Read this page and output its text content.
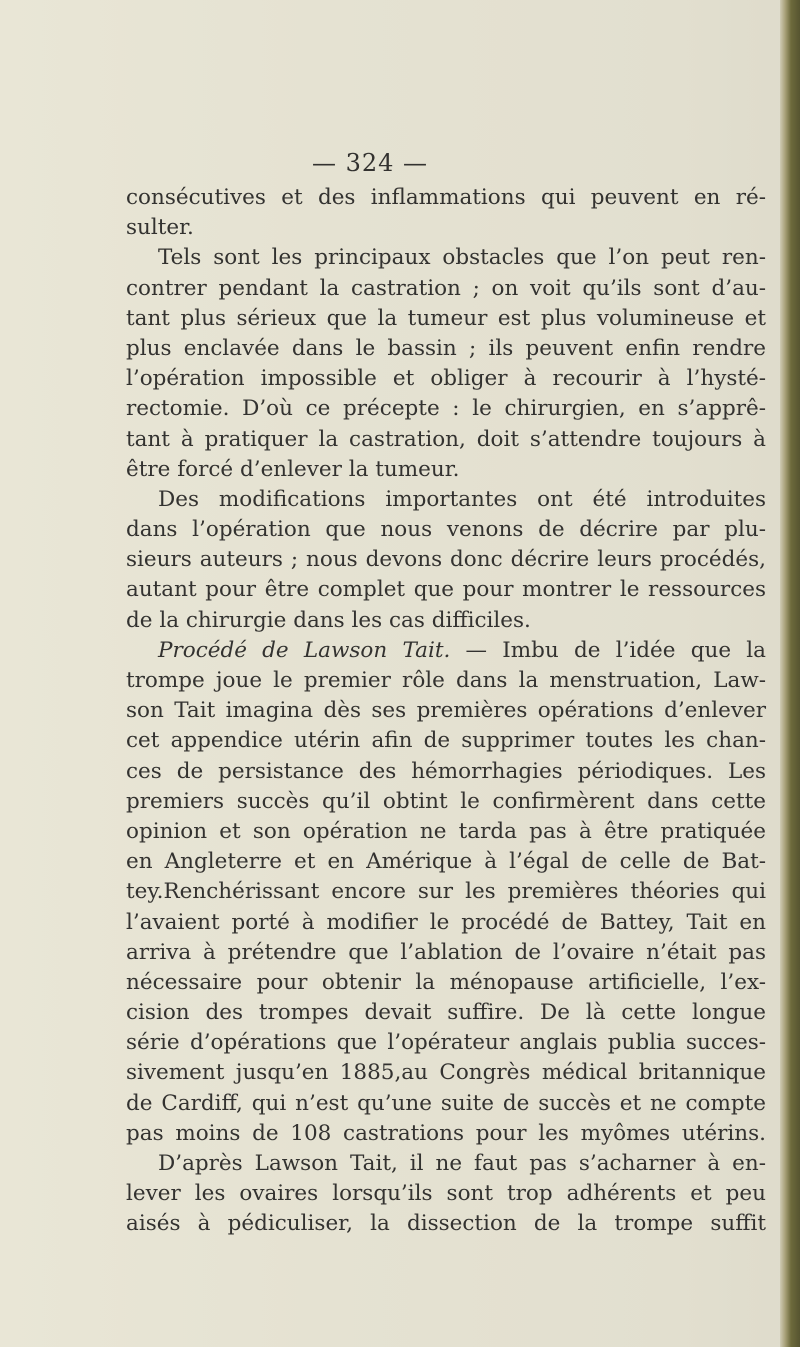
— 324 —
consécutives et des inflammations qui peuvent en ré-
sulter.
Tels sont les principaux obstacles que l’on peut ren-
contrer pendant la castration ; on voit qu’ils sont d’au-
tant plus sérieux que la tumeur est plus volumineuse et
plus enclavée dans le bassin ; ils peuvent enfin rendre
l’opération impossible et obliger à recourir à l’hysté-
rectomie. D’où ce précepte : le chirurgien, en s’apprê-
tant à pratiquer la castration, doit s’attendre toujours à
être forcé d’enlever la tumeur.
Des modifications importantes ont été introduites
dans l’opération que nous venons de décrire par plu-
sieurs auteurs ; nous devons donc décrire leurs procédés,
autant pour être complet que pour montrer le ressources
de la chirurgie dans les cas difficiles.
Procédé de Lawson Tait. — Imbu de l’idée que la
trompe joue le premier rôle dans la menstruation, Law-
son Tait imagina dès ses premières opérations d’enlever
cet appendice utérin afin de supprimer toutes les chan-
ces de persistance des hémorrhagies périodiques. Les
premiers succès qu’il obtint le confirmèrent dans cette
opinion et son opération ne tarda pas à être pratiquée
en Angleterre et en Amérique à l’égal de celle de Bat-
tey.Renchérissant encore sur les premières théories qui
l’avaient porté à modifier le procédé de Battey, Tait en
arriva à prétendre que l’ablation de l’ovaire n’était pas
nécessaire pour obtenir la ménopause artificielle, l’ex-
cision des trompes devait suffire. De là cette longue
série d’opérations que l’opérateur anglais publia succes-
sivement jusqu’en 1885,au Congrès médical britannique
de Cardiff, qui n’est qu’une suite de succès et ne compte
pas moins de 108 castrations pour les myômes utérins.
D’après Lawson Tait, il ne faut pas s’acharner à en-
lever les ovaires lorsqu’ils sont trop adhérents et peu
aisés à pédiculiser, la dissection de la trompe suffit
